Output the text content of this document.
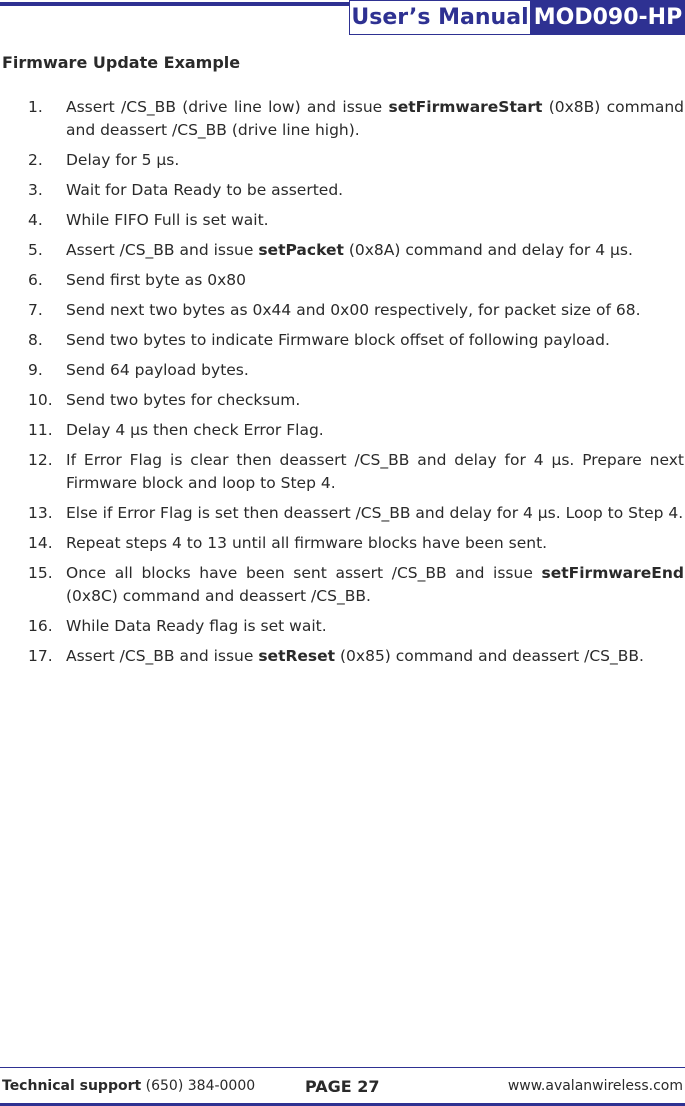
User’s Manual MOD090-HP
Firmware Update Example
1. Assert /CS_BB (drive line low) and issue setFirmwareStart (0x8B) command and deassert /CS_BB (drive line high).
2. Delay for 5 µs.
3. Wait for Data Ready to be asserted.
4. While FIFO Full is set wait.
5. Assert /CS_BB and issue setPacket (0x8A) command and delay for 4 µs.
6. Send first byte as 0x80
7. Send next two bytes as 0x44 and 0x00 respectively, for packet size of 68.
8. Send two bytes to indicate Firmware block offset of following payload.
9. Send 64 payload bytes.
10. Send two bytes for checksum.
11. Delay 4 µs then check Error Flag.
12. If Error Flag is clear then deassert /CS_BB and delay for 4 µs. Prepare next Firmware block and loop to Step 4.
13. Else if Error Flag is set then deassert /CS_BB and delay for 4 µs. Loop to Step 4.
14. Repeat steps 4 to 13 until all firmware blocks have been sent.
15. Once all blocks have been sent assert /CS_BB and issue setFirmwareEnd (0x8C) command and deassert /CS_BB.
16. While Data Ready flag is set wait.
17. Assert /CS_BB and issue setReset (0x85) command and deassert /CS_BB.
Technical support (650) 384-0000	PAGE 27	www.avalanwireless.com
